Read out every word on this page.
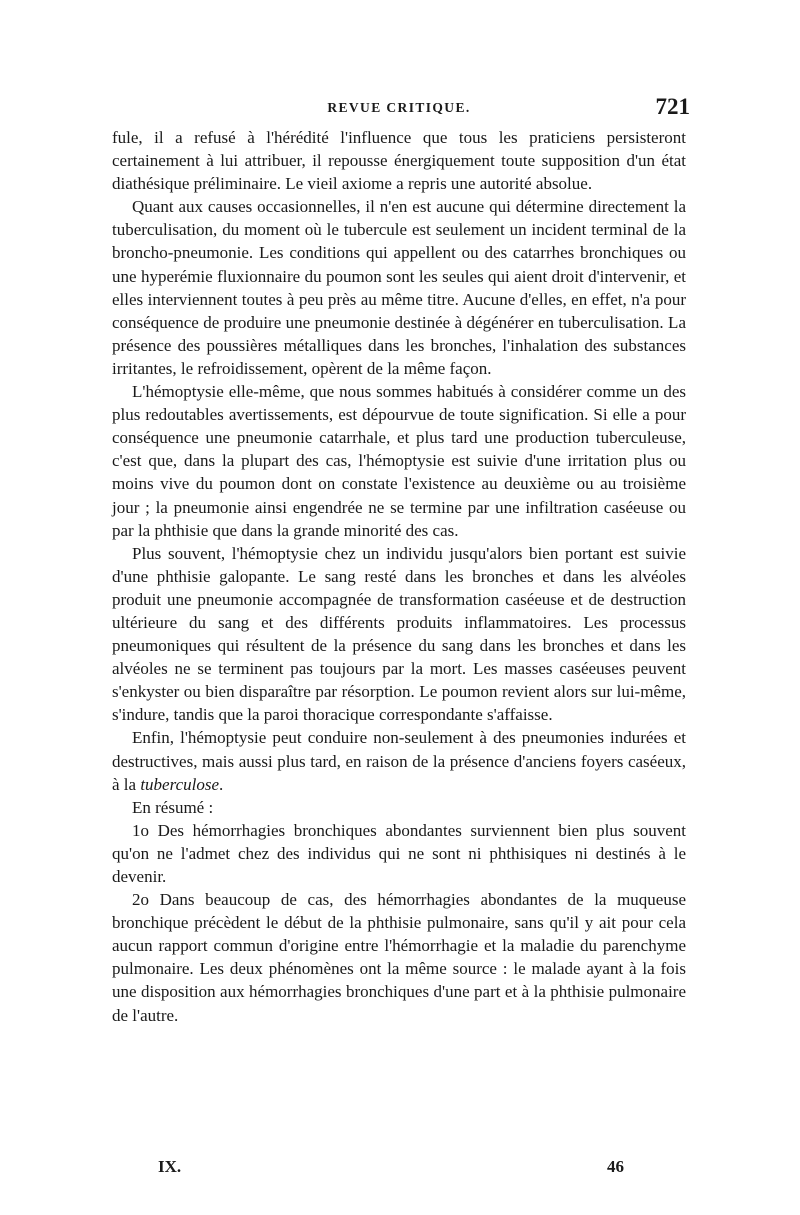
REVUE CRITIQUE.	721

fule, il a refusé à l'hérédité l'influence que tous les praticiens persisteront certainement à lui attribuer, il repousse énergiquement toute supposition d'un état diathésique préliminaire. Le vieil axiome a repris une autorité absolue.

Quant aux causes occasionnelles, il n'en est aucune qui détermine directement la tuberculisation, du moment où le tubercule est seulement un incident terminal de la broncho-pneumonie. Les conditions qui appellent ou des catarrhes bronchiques ou une hyperémie fluxionnaire du poumon sont les seules qui aient droit d'intervenir, et elles interviennent toutes à peu près au même titre. Aucune d'elles, en effet, n'a pour conséquence de produire une pneumonie destinée à dégénérer en tuberculisation. La présence des poussières métalliques dans les bronches, l'inhalation des substances irritantes, le refroidissement, opèrent de la même façon.

L'hémoptysie elle-même, que nous sommes habitués à considérer comme un des plus redoutables avertissements, est dépourvue de toute signification. Si elle a pour conséquence une pneumonie catarrhale, et plus tard une production tuberculeuse, c'est que, dans la plupart des cas, l'hémoptysie est suivie d'une irritation plus ou moins vive du poumon dont on constate l'existence au deuxième ou au troisième jour ; la pneumonie ainsi engendrée ne se termine par une infiltration caséeuse ou par la phthisie que dans la grande minorité des cas.

Plus souvent, l'hémoptysie chez un individu jusqu'alors bien portant est suivie d'une phthisie galopante. Le sang resté dans les bronches et dans les alvéoles produit une pneumonie accompagnée de transformation caséeuse et de destruction ultérieure du sang et des différents produits inflammatoires. Les processus pneumoniques qui résultent de la présence du sang dans les bronches et dans les alvéoles ne se terminent pas toujours par la mort. Les masses caséeuses peuvent s'enkyster ou bien disparaître par résorption. Le poumon revient alors sur lui-même, s'indure, tandis que la paroi thoracique correspondante s'affaisse.

Enfin, l'hémoptysie peut conduire non-seulement à des pneumonies indurées et destructives, mais aussi plus tard, en raison de la présence d'anciens foyers caséeux, à la tuberculose.

En résumé :

1o Des hémorrhagies bronchiques abondantes surviennent bien plus souvent qu'on ne l'admet chez des individus qui ne sont ni phthisiques ni destinés à le devenir.

2o Dans beaucoup de cas, des hémorrhagies abondantes de la muqueuse bronchique précèdent le début de la phthisie pulmonaire, sans qu'il y ait pour cela aucun rapport commun d'origine entre l'hémorrhagie et la maladie du parenchyme pulmonaire. Les deux phénomènes ont la même source : le malade ayant à la fois une disposition aux hémorrhagies bronchiques d'une part et à la phthisie pulmonaire de l'autre.

IX.	46
